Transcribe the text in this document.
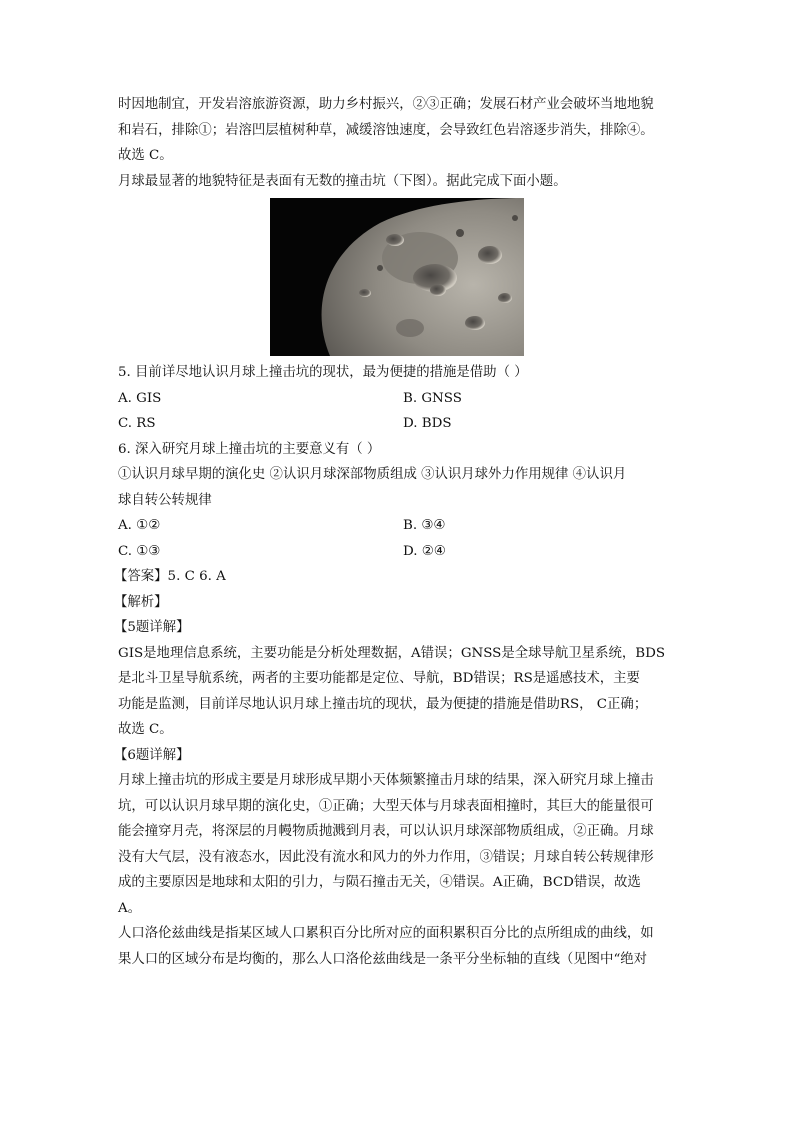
时因地制宜，开发岩溶旅游资源，助力乡村振兴，②③正确；发展石材产业会破坏当地地貌
和岩石，排除①；岩溶凹层植树种草，减缓溶蚀速度，会导致红色岩溶逐步消失，排除④。
故选 C。
月球最显著的地貌特征是表面有无数的撞击坑（下图）。据此完成下面小题。
5. 目前详尽地认识月球上撞击坑的现状，最为便捷的措施是借助（ ）
A. GIS	B. GNSS
C. RS	D. BDS
6. 深入研究月球上撞击坑的主要意义有（ ）
①认识月球早期的演化史 ②认识月球深部物质组成 ③认识月球外力作用规律 ④认识月
球自转公转规律
A. ①②	B. ③④
C. ①③	D. ②④
【答案】5. C 6. A
【解析】
【5题详解】
GIS是地理信息系统，主要功能是分析处理数据，A错误；GNSS是全球导航卫星系统，BDS
是北斗卫星导航系统，两者的主要功能都是定位、导航，BD错误；RS是遥感技术，主要
功能是监测，目前详尽地认识月球上撞击坑的现状，最为便捷的措施是借助RS， C正确；
故选 C。
【6题详解】
月球上撞击坑的形成主要是月球形成早期小天体频繁撞击月球的结果，深入研究月球上撞击
坑，可以认识月球早期的演化史，①正确；大型天体与月球表面相撞时，其巨大的能量很可
能会撞穿月壳，将深层的月幔物质抛溅到月表，可以认识月球深部物质组成，②正确。月球
没有大气层，没有液态水，因此没有流水和风力的外力作用，③错误；月球自转公转规律形
成的主要原因是地球和太阳的引力，与陨石撞击无关，④错误。A正确，BCD错误，故选
A。
人口洛伦兹曲线是指某区域人口累积百分比所对应的面积累积百分比的点所组成的曲线，如
果人口的区域分布是均衡的，那么人口洛伦兹曲线是一条平分坐标轴的直线（见图中“绝对
